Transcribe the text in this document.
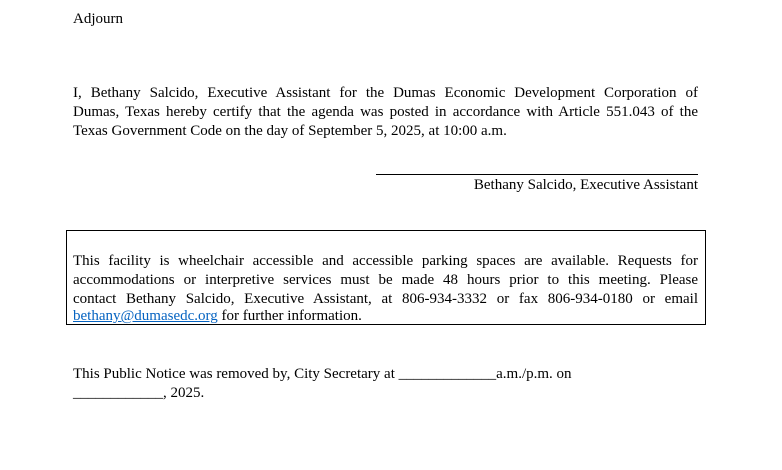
Adjourn
I, Bethany Salcido, Executive Assistant for the Dumas Economic Development Corporation of
Dumas, Texas hereby certify that the agenda was posted in accordance with Article 551.043 of the
Texas Government Code on the day of September 5, 2025, at 10:00 a.m.
Bethany Salcido, Executive Assistant
This facility is wheelchair accessible and accessible parking spaces are available. Requests for
accommodations or interpretive services must be made 48 hours prior to this meeting. Please
contact Bethany Salcido, Executive Assistant, at 806-934-3332 or fax 806-934-0180 or email
bethany@dumasedc.org for further information.
This Public Notice was removed by, City Secretary at _____________a.m./p.m. on
____________, 2025.
